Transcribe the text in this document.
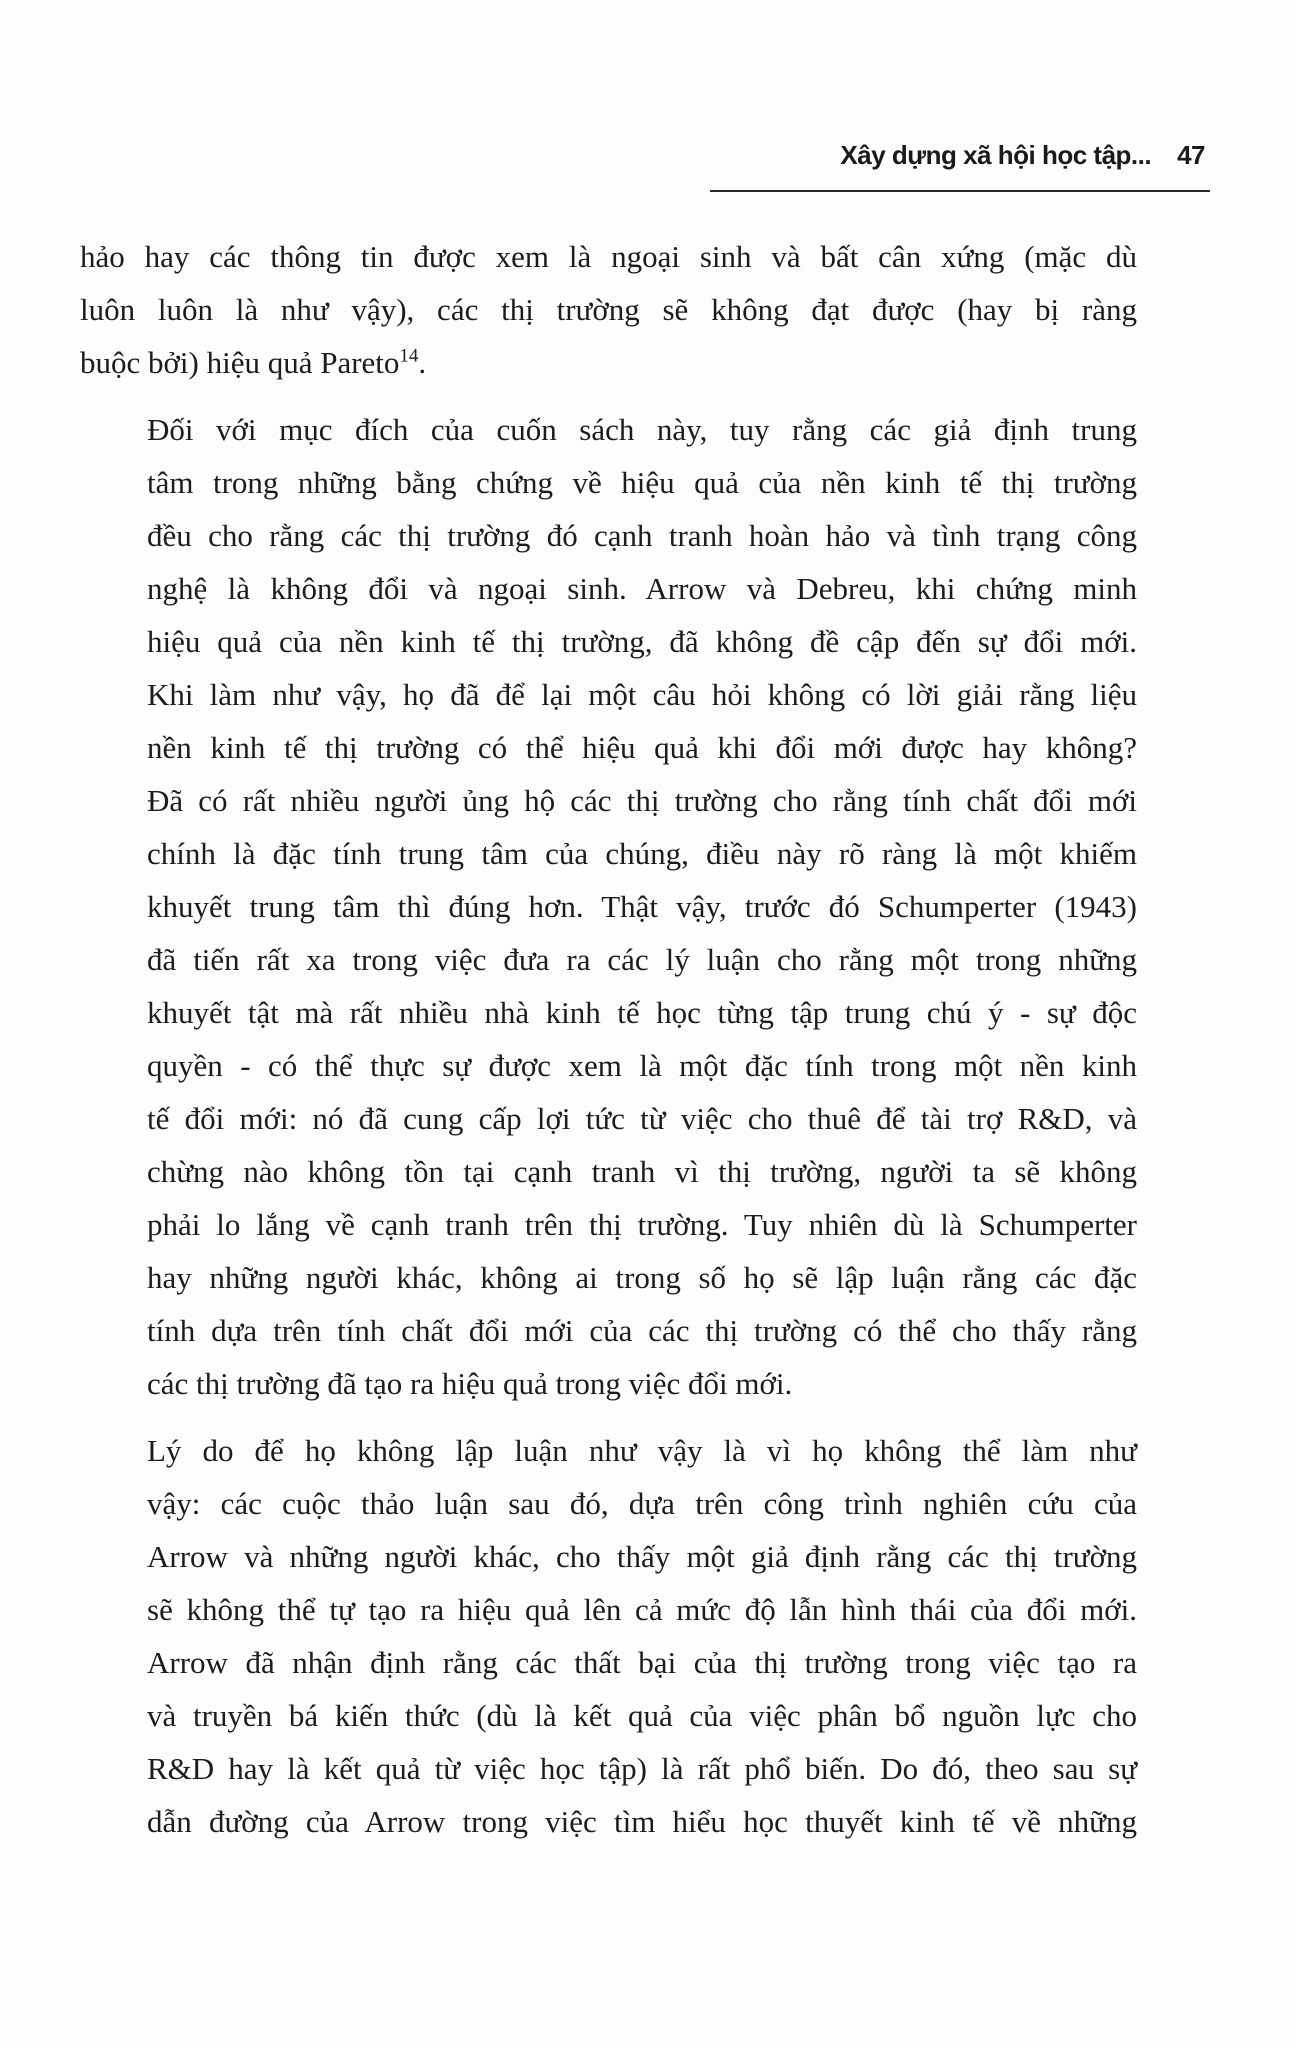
Xây dựng xã hội học tập... 47

hảo hay các thông tin được xem là ngoại sinh và bất cân xứng (mặc dù
luôn luôn là như vậy), các thị trường sẽ không đạt được (hay bị ràng
buộc bởi) hiệu quả Pareto$^{14}$.

Đối với mục đích của cuốn sách này, tuy rằng các giả định trung
tâm trong những bằng chứng về hiệu quả của nền kinh tế thị trường
đều cho rằng các thị trường đó cạnh tranh hoàn hảo và tình trạng công
nghệ là không đổi và ngoại sinh. Arrow và Debreu, khi chứng minh
hiệu quả của nền kinh tế thị trường, đã không đề cập đến sự đổi mới.
Khi làm như vậy, họ đã để lại một câu hỏi không có lời giải rằng liệu
nền kinh tế thị trường có thể hiệu quả khi đổi mới được hay không?
Đã có rất nhiều người ủng hộ các thị trường cho rằng tính chất đổi mới
chính là đặc tính trung tâm của chúng, điều này rõ ràng là một khiếm
khuyết trung tâm thì đúng hơn. Thật vậy, trước đó Schumperter (1943)
đã tiến rất xa trong việc đưa ra các lý luận cho rằng một trong những
khuyết tật mà rất nhiều nhà kinh tế học từng tập trung chú ý - sự độc
quyền - có thể thực sự được xem là một đặc tính trong một nền kinh
tế đổi mới: nó đã cung cấp lợi tức từ việc cho thuê để tài trợ R&D, và
chừng nào không tồn tại cạnh tranh vì thị trường, người ta sẽ không
phải lo lắng về cạnh tranh trên thị trường. Tuy nhiên dù là Schumperter
hay những người khác, không ai trong số họ sẽ lập luận rằng các đặc
tính dựa trên tính chất đổi mới của các thị trường có thể cho thấy rằng
các thị trường đã tạo ra hiệu quả trong việc đổi mới.

Lý do để họ không lập luận như vậy là vì họ không thể làm như
vậy: các cuộc thảo luận sau đó, dựa trên công trình nghiên cứu của
Arrow và những người khác, cho thấy một giả định rằng các thị trường
sẽ không thể tự tạo ra hiệu quả lên cả mức độ lẫn hình thái của đổi mới.
Arrow đã nhận định rằng các thất bại của thị trường trong việc tạo ra
và truyền bá kiến thức (dù là kết quả của việc phân bổ nguồn lực cho
R&D hay là kết quả từ việc học tập) là rất phổ biến. Do đó, theo sau sự
dẫn đường của Arrow trong việc tìm hiểu học thuyết kinh tế về những
